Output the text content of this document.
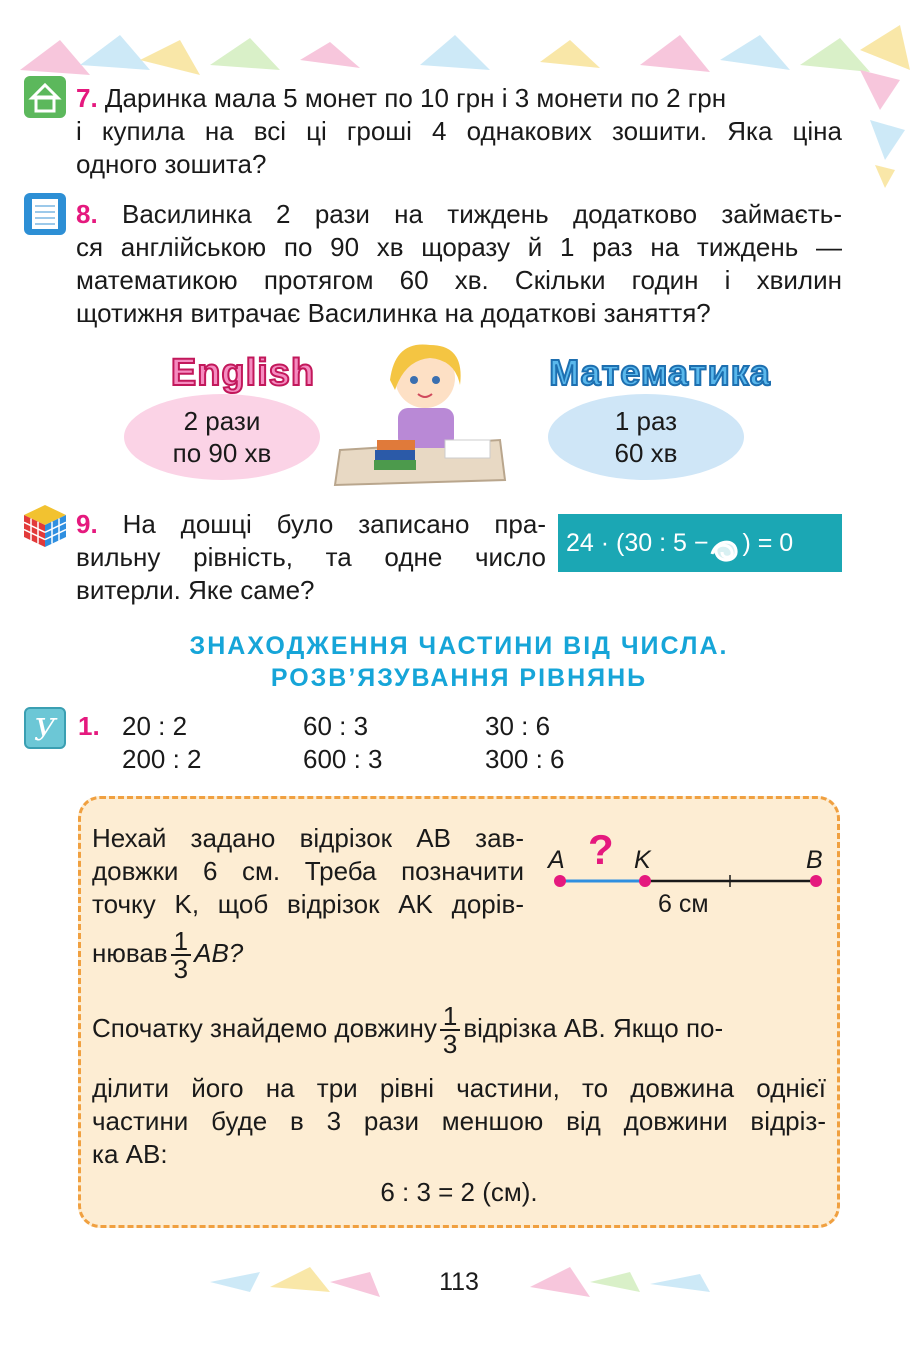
7. Даринка мала 5 монет по 10 грн і 3 монети по 2 грн
і купила на всі ці гроші 4 однакових зошити. Яка ціна
одного зошита?
8. Василинка 2 рази на тиждень додатково займаєть-
ся англійською по 90 хв щоразу й 1 раз на тиждень —
математикою протягом 60 хв. Скільки годин і хвилин
щотижня витрачає Василинка на додаткові заняття?
English
2 рази
по 90 хв
Математика
1 раз
60 хв
9. На дошці було записано пра-
вильну рівність, та одне число
витерли. Яке саме?
24 · (30 : 5 − ) = 0
ЗНАХОДЖЕННЯ ЧАСТИНИ ВІД ЧИСЛА.
РОЗВ’ЯЗУВАННЯ РІВНЯНЬ
У 1. 20 : 2
200 : 2
60 : 3
600 : 3
30 : 6
300 : 6
Нехай задано відрізок AB зав-
довжки 6 см. Треба позначити
точку K, щоб відрізок AK дорів-
нював $\frac{1}{3}$ AB?
A ? K	B
6 см
Спочатку знайдемо довжину $\frac{1}{3}$ відрізка AB. Якщо по-
ділити його на три рівні частини, то довжина однієї
частини буде в 3 рази меншою від довжини відріз-
ка AB:
6 : 3 = 2 (см).
113
